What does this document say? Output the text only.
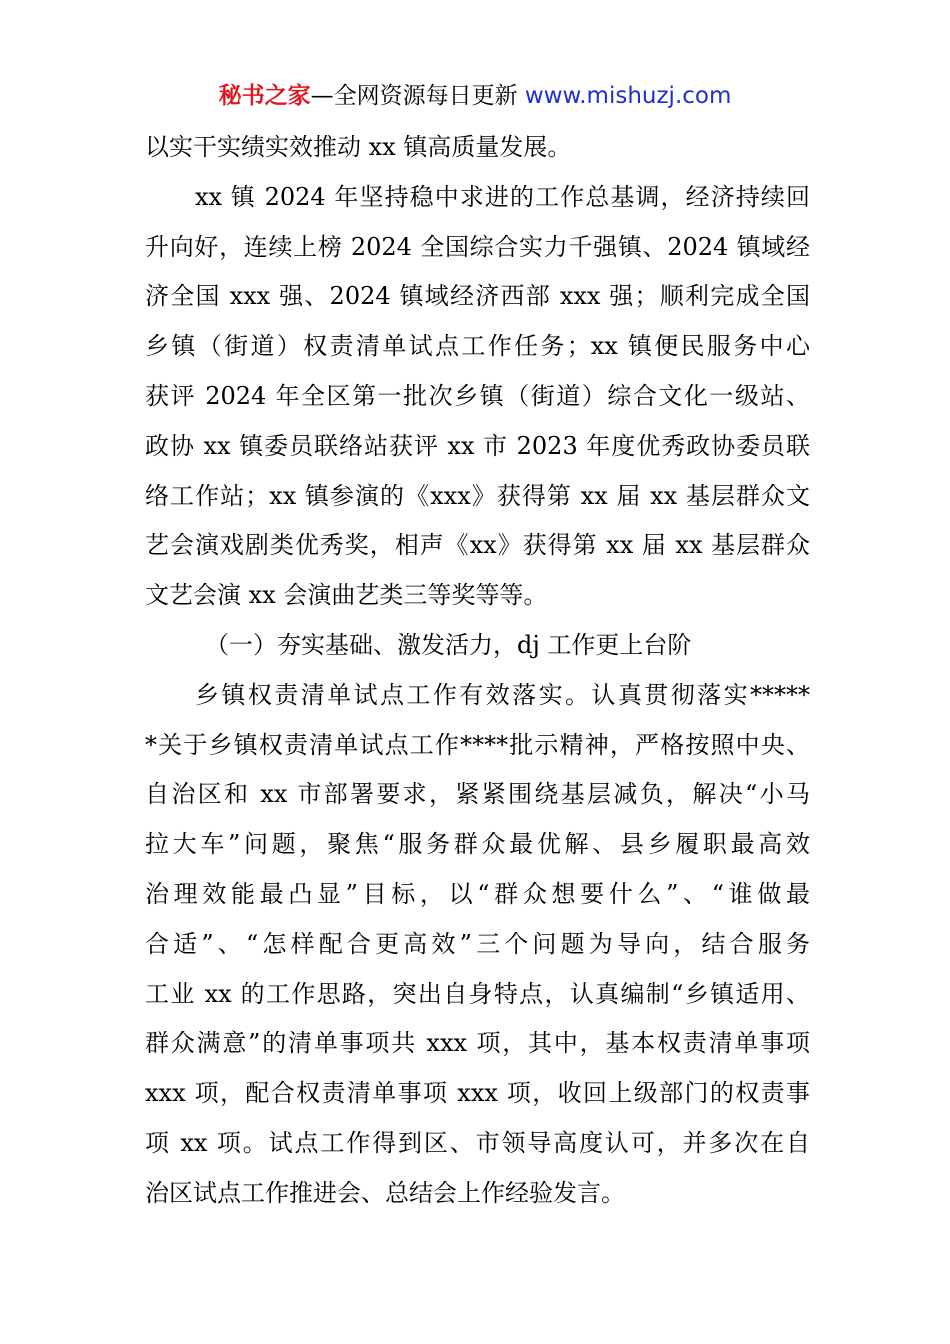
秘书之家—全网资源每日更新 www.mishuzj.com
以实干实绩实效推动 xx 镇高质量发展。
xx 镇 2024 年坚持稳中求进的工作总基调，经济持续回
升向好，连续上榜 2024 全国综合实力千强镇、2024 镇域经
济全国 xxx 强、2024 镇域经济西部 xxx 强；顺利完成全国
乡镇（街道）权责清单试点工作任务；xx 镇便民服务中心
获评 2024 年全区第一批次乡镇（街道）综合文化一级站、
政协 xx 镇委员联络站获评 xx 市 2023 年度优秀政协委员联
络工作站；xx 镇参演的《xxx》获得第 xx 届 xx 基层群众文
艺会演戏剧类优秀奖，相声《xx》获得第 xx 届 xx 基层群众
文艺会演 xx 会演曲艺类三等奖等等。
（一）夯实基础、激发活力，dj 工作更上台阶
乡镇权责清单试点工作有效落实。认真贯彻落实*****
*关于乡镇权责清单试点工作****批示精神，严格按照中央、
自治区和 xx 市部署要求，紧紧围绕基层减负，解决“小马
拉大车”问题，聚焦“服务群众最优解、县乡履职最高效
治理效能最凸显”目标，以“群众想要什么”、“谁做最
合适”、“怎样配合更高效”三个问题为导向，结合服务
工业 xx 的工作思路，突出自身特点，认真编制“乡镇适用、
群众满意”的清单事项共 xxx 项，其中，基本权责清单事项
xxx 项，配合权责清单事项 xxx 项，收回上级部门的权责事
项 xx 项。试点工作得到区、市领导高度认可，并多次在自
治区试点工作推进会、总结会上作经验发言。
